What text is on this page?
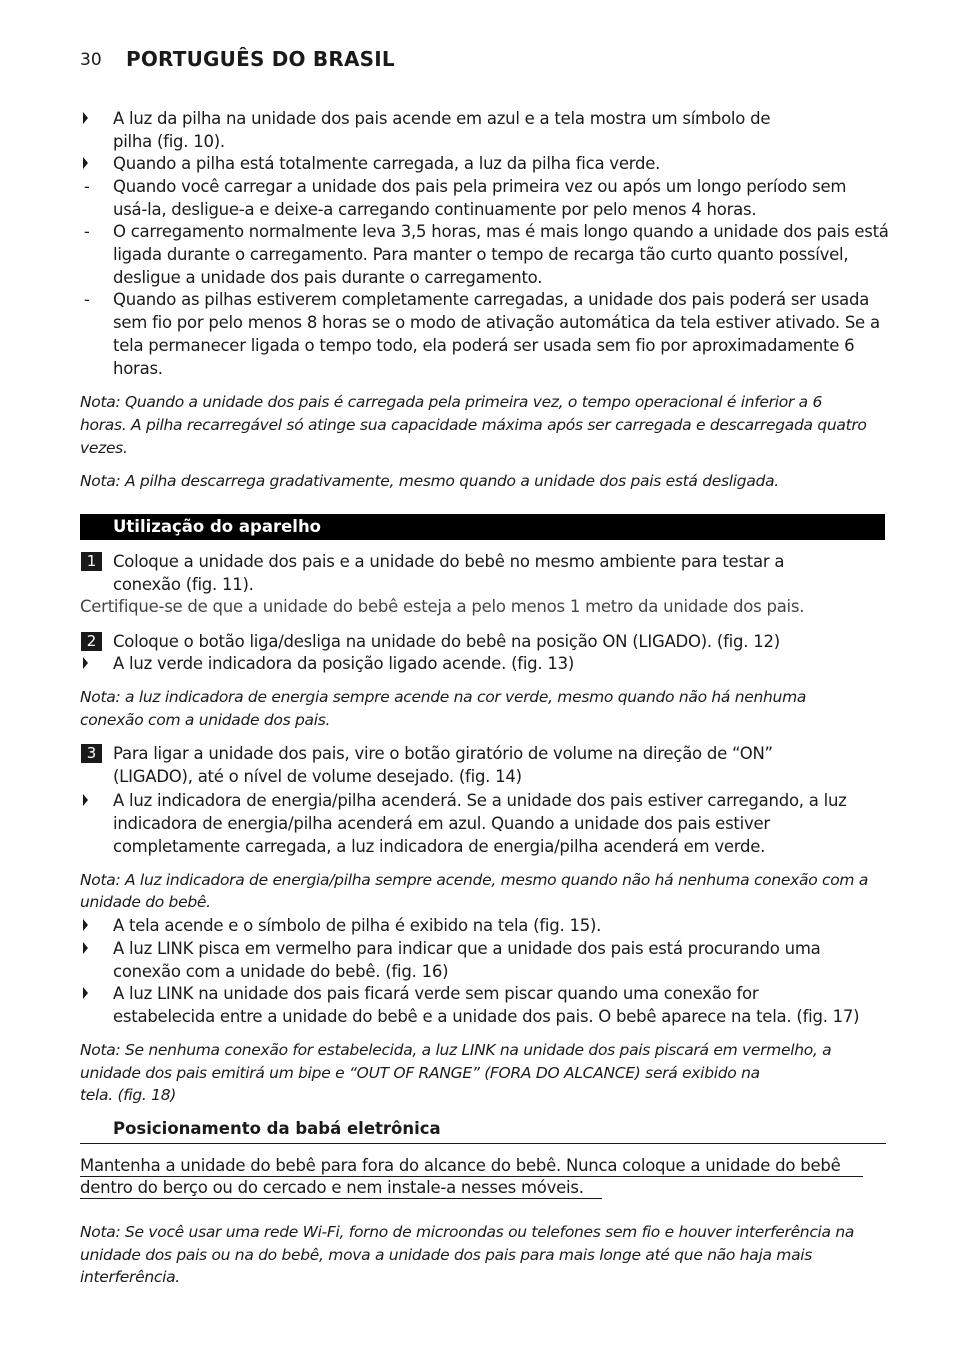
30 PORTUGUÊS DO BRASIL
A luz da pilha na unidade dos pais acende em azul e a tela mostra um símbolo de
pilha (fig. 10).
Quando a pilha está totalmente carregada, a luz da pilha fica verde.
- Quando você carregar a unidade dos pais pela primeira vez ou após um longo período sem
usá-la, desligue-a e deixe-a carregando continuamente por pelo menos 4 horas.
- O carregamento normalmente leva 3,5 horas, mas é mais longo quando a unidade dos pais está
ligada durante o carregamento. Para manter o tempo de recarga tão curto quanto possível,
desligue a unidade dos pais durante o carregamento.
- Quando as pilhas estiverem completamente carregadas, a unidade dos pais poderá ser usada
sem fio por pelo menos 8 horas se o modo de ativação automática da tela estiver ativado. Se a
tela permanecer ligada o tempo todo, ela poderá ser usada sem fio por aproximadamente 6
horas.
Nota: Quando a unidade dos pais é carregada pela primeira vez, o tempo operacional é inferior a 6
horas. A pilha recarregável só atinge sua capacidade máxima após ser carregada e descarregada quatro
vezes.
Nota: A pilha descarrega gradativamente, mesmo quando a unidade dos pais está desligada.
Utilização do aparelho
1	Coloque a unidade dos pais e a unidade do bebê no mesmo ambiente para testar a
conexão (fig. 11).
Certifique-se de que a unidade do bebê esteja a pelo menos 1 metro da unidade dos pais.
2	Coloque o botão liga/desliga na unidade do bebê na posição ON (LIGADO). (fig. 12)
A luz verde indicadora da posição ligado acende. (fig. 13)
Nota: a luz indicadora de energia sempre acende na cor verde, mesmo quando não há nenhuma
conexão com a unidade dos pais.
3	Para ligar a unidade dos pais, vire o botão giratório de volume na direção de “ON”
(LIGADO), até o nível de volume desejado. (fig. 14)
A luz indicadora de energia/pilha acenderá. Se a unidade dos pais estiver carregando, a luz
indicadora de energia/pilha acenderá em azul. Quando a unidade dos pais estiver
completamente carregada, a luz indicadora de energia/pilha acenderá em verde.
Nota: A luz indicadora de energia/pilha sempre acende, mesmo quando não há nenhuma conexão com a
unidade do bebê.
A tela acende e o símbolo de pilha é exibido na tela (fig. 15).
A luz LINK pisca em vermelho para indicar que a unidade dos pais está procurando uma
conexão com a unidade do bebê. (fig. 16)
A luz LINK na unidade dos pais ficará verde sem piscar quando uma conexão for
estabelecida entre a unidade do bebê e a unidade dos pais. O bebê aparece na tela. (fig. 17)
Nota: Se nenhuma conexão for estabelecida, a luz LINK na unidade dos pais piscará em vermelho, a
unidade dos pais emitirá um bipe e “OUT OF RANGE” (FORA DO ALCANCE) será exibido na
tela. (fig. 18)
Posicionamento da babá eletrônica
Mantenha a unidade do bebê para fora do alcance do bebê. Nunca coloque a unidade do bebê
dentro do berço ou do cercado e nem instale-a nesses móveis.
Nota: Se você usar uma rede Wi-Fi, forno de microondas ou telefones sem fio e houver interferência na
unidade dos pais ou na do bebê, mova a unidade dos pais para mais longe até que não haja mais
interferência.
